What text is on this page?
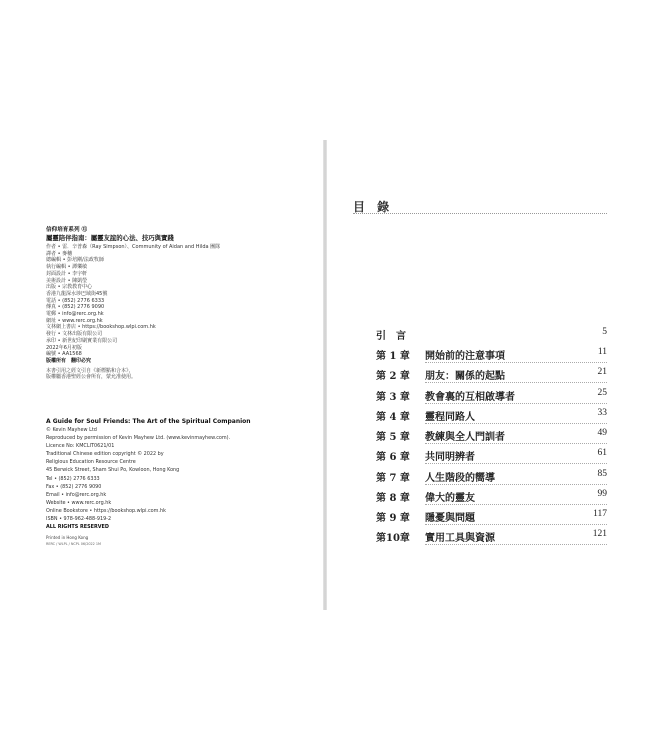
信仰培育系列 ⑪
屬靈陪伴指南：屬靈友誼的心法、技巧與實踐
作者 • 雷．辛普森（Ray Simpson）、Community of Aidan and Hilda 團隊
譯者 • 麥穗
總編輯 • 彭培剛/法政牧師
執行編輯 • 譚樂敏
封面設計 • 李宇軒
美術設計 • 陳凱瑩
出版 • 宗教教育中心
香港九龍深水埗巴域街45號
電話 • (852) 2776 6333
傳真 • (852) 2776 9090
電郵 • info@rerc.org.hk
網址 • www.rerc.org.hk
文林網上書店 • https://bookshop.wlpi.com.hk
發行 • 文林出版有限公司
承印 • 新世紀印刷實業有限公司
2022年6月初版
編號 • AA1568
版權所有　翻印必究
本書引用之經文引自《新標點和合本》，
版權屬香港聖經公會所有，蒙允准使用。
A Guide for Soul Friends: The Art of the Spiritual Companion
© Kevin Mayhew Ltd
Reproduced by permission of Kevin Mayhew Ltd. (www.kevinmayhew.com).
Licence No: KMCLIT0621/01
Traditional Chinese edition copyright © 2022 by
Religious Education Resource Centre
45 Berwick Street, Sham Shui Po, Kowloon, Hong Kong
Tel • (852) 2776 6333
Fax • (852) 2776 9090
Email • info@rerc.org.hk
Website • www.rerc.org.hk
Online Bookstore • https://bookshop.wlpi.com.hk
ISBN • 978-962-488-919-2
ALL RIGHTS RESERVED
Printed in Hong Kong
RERC / WLPL / NCPL 06/2022 1M
目 錄
引　言	5
第 1 章 開始前的注意事項	11
第 2 章 朋友：關係的起點	21
第 3 章 教會裏的互相啟導者	25
第 4 章 靈程同路人	33
第 5 章 教練與全人門訓者	49
第 6 章 共同明辨者	61
第 7 章 人生階段的嚮導	85
第 8 章 偉大的靈友	99
第 9 章 隱憂與問題	117
第10章 實用工具與資源	121
